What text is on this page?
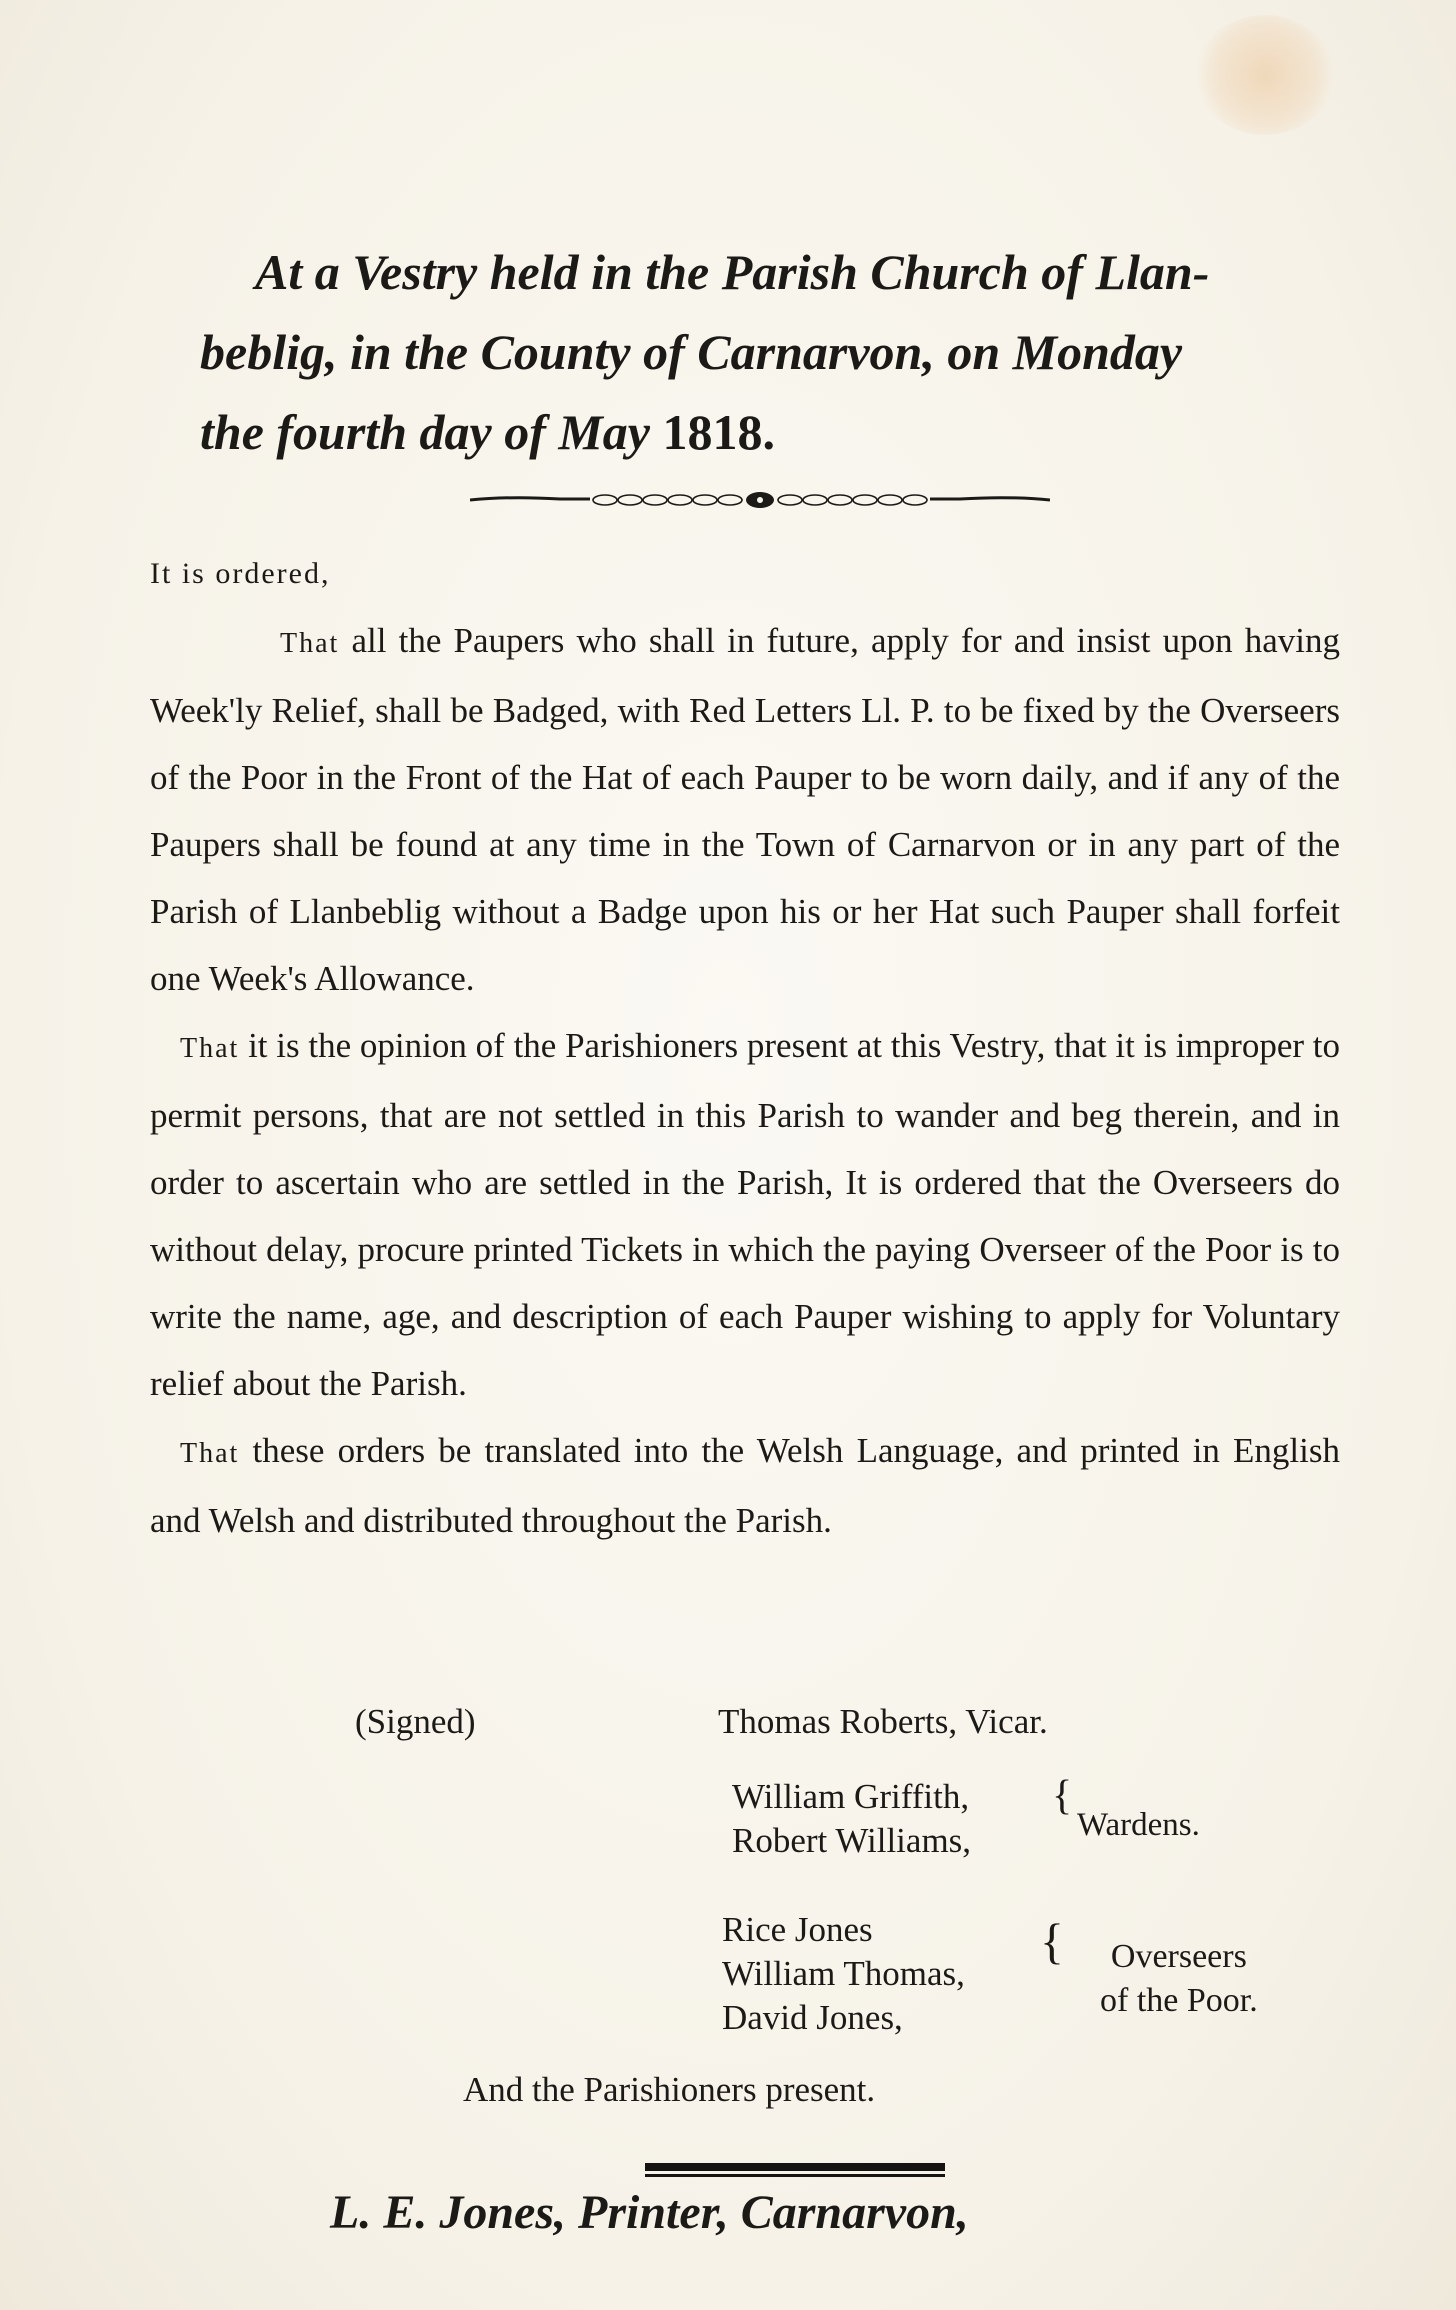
At a Vestry held in the Parish Church of Llan-
beblig, in the County of Carnarvon, on Monday
the fourth day of May 1818.

It is ordered,

That all the Paupers who shall in future, apply for and insist upon having Week'ly Relief, shall be Badged, with Red Letters Ll. P. to be fixed by the Overseers of the Poor in the Front of the Hat of each Pauper to be worn daily, and if any of the Paupers shall be found at any time in the Town of Carnarvon or in any part of the Parish of Llanbeblig without a Badge upon his or her Hat such Pauper shall forfeit one Week's Allowance.

That it is the opinion of the Parishioners present at this Vestry, that it is improper to permit persons, that are not settled in this Parish to wander and beg therein, and in order to ascertain who are settled in the Parish, It is ordered that the Overseers do without delay, procure printed Tickets in which the paying Overseer of the Poor is to write the name, age, and description of each Pauper wishing to apply for Voluntary relief about the Parish.

That these orders be translated into the Welsh Language, and printed in English and Welsh and distributed throughout the Parish.

(Signed)	Thomas Roberts, Vicar.
William Griffith,
Robert Williams,
{
Wardens.
Rice Jones
William Thomas,
David Jones,
{	Overseers
of the Poor.
And the Parishioners present.
L. E. Jones, Printer, Carnarvon,
